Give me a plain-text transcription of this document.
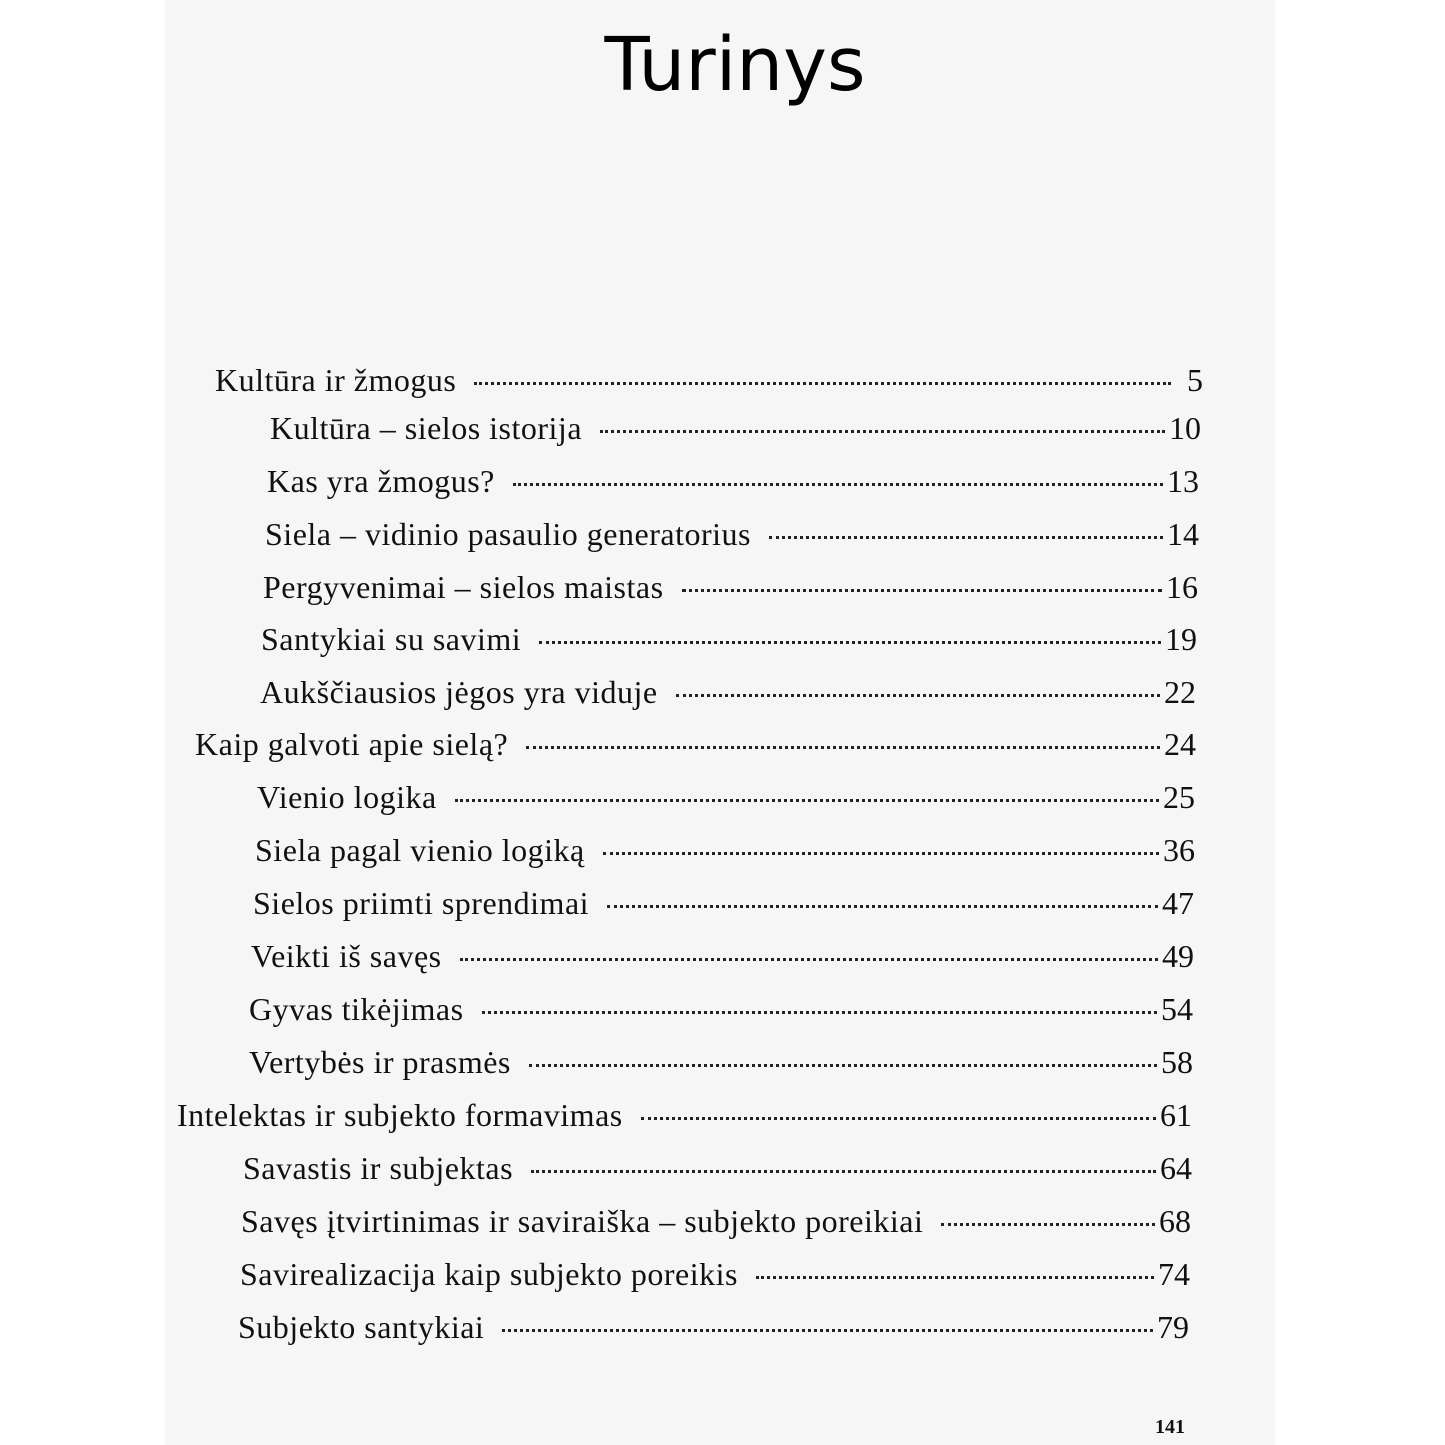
Turinys
Kultūra ir žmogus	5
Kultūra – sielos istorija	10
Kas yra žmogus?	13
Siela – vidinio pasaulio generatorius	14
Pergyvenimai – sielos maistas	16
Santykiai su savimi	19
Aukščiausios jėgos yra viduje	22
Kaip galvoti apie sielą?	24
Vienio logika	25
Siela pagal vienio logiką	36
Sielos priimti sprendimai	47
Veikti iš savęs	49
Gyvas tikėjimas	54
Vertybės ir prasmės	58
Intelektas ir subjekto formavimas	61
Savastis ir subjektas	64
Savęs įtvirtinimas ir saviraiška – subjekto poreikiai	68
Savirealizacija kaip subjekto poreikis	74
Subjekto santykiai	79
141
